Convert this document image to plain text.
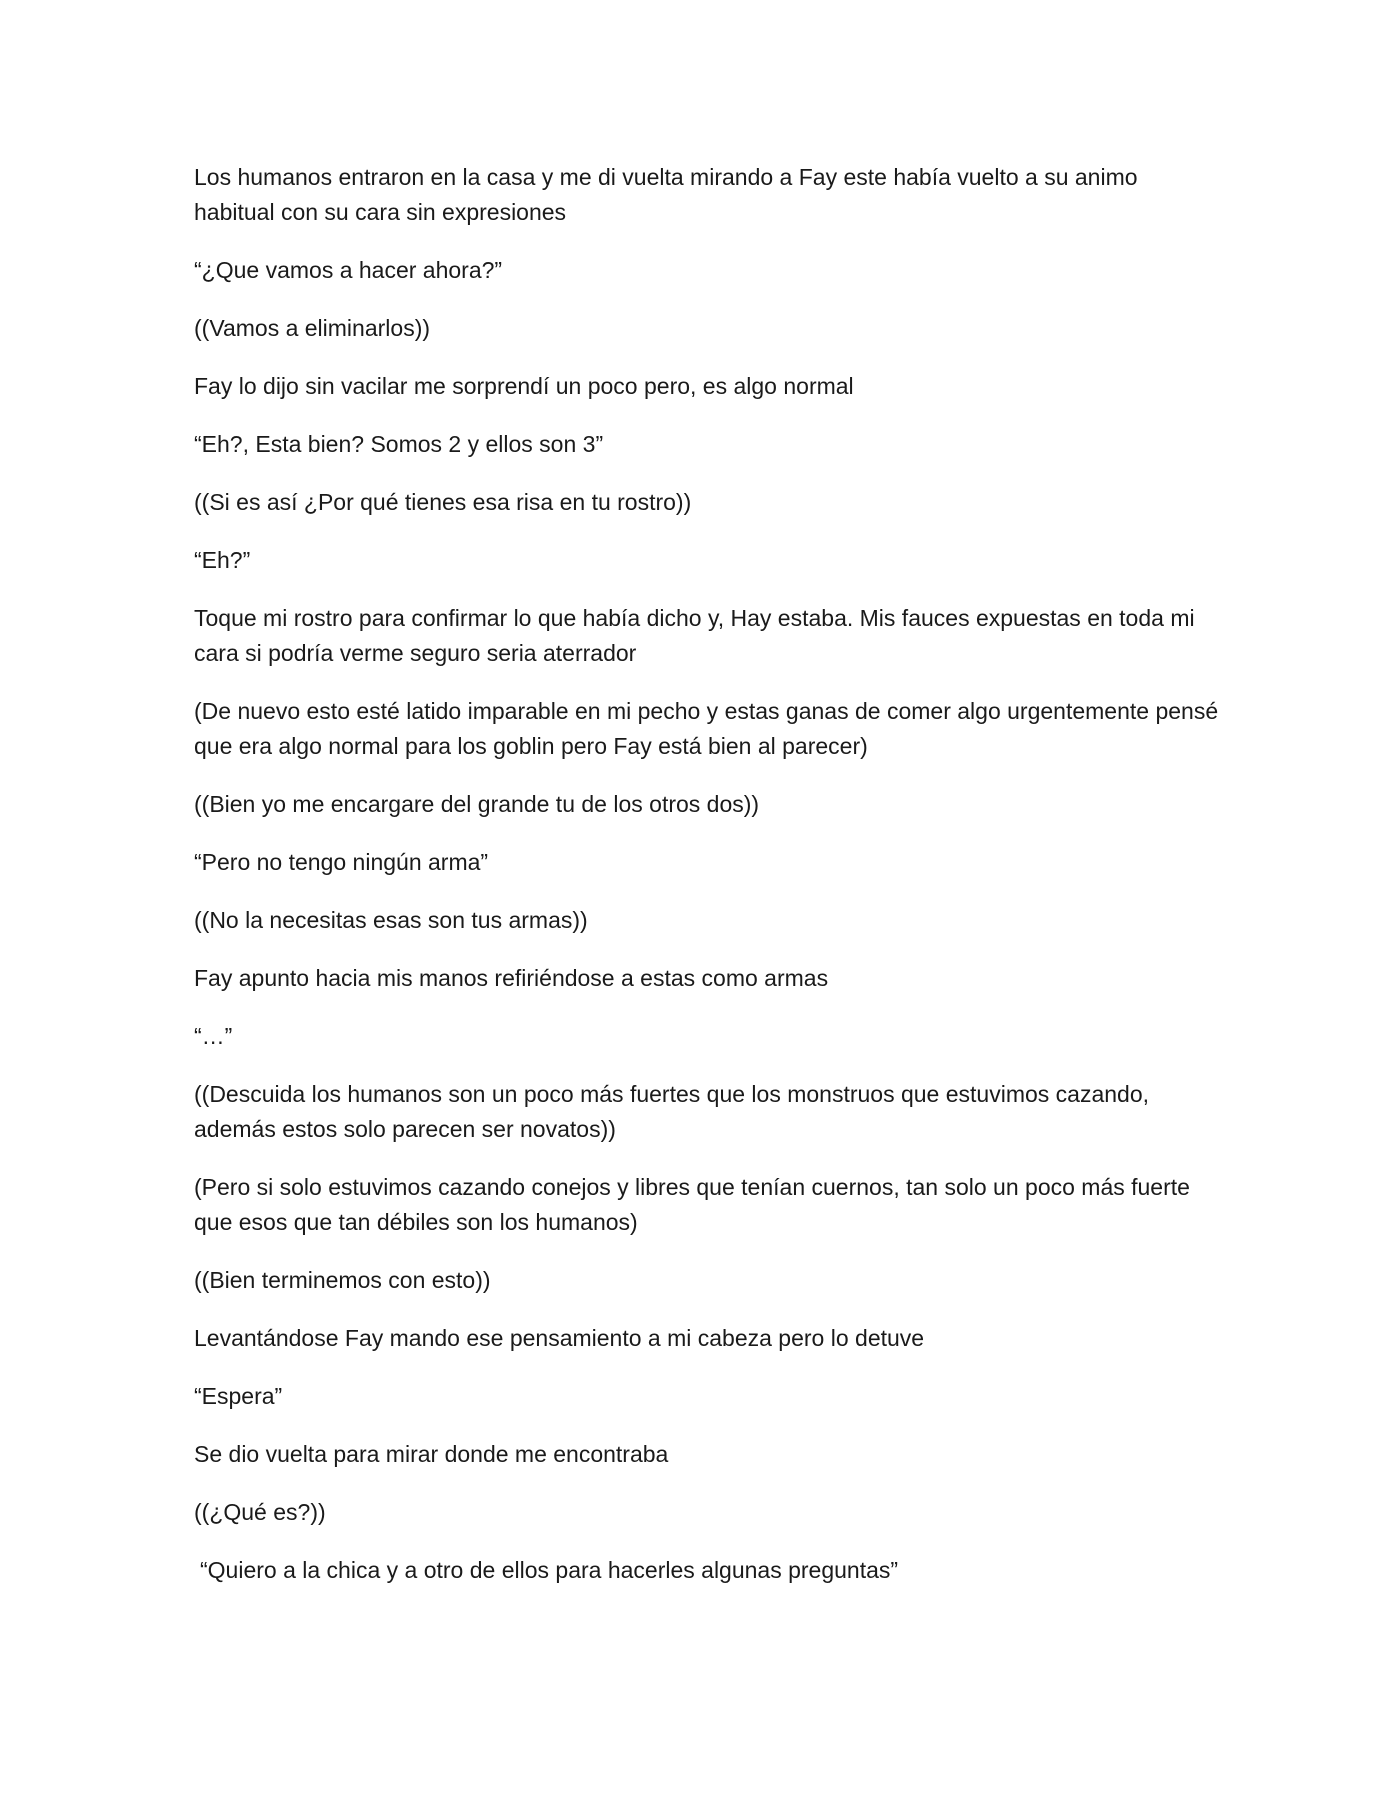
Los humanos entraron en la casa y me di vuelta mirando a Fay este había vuelto a su animo habitual con su cara sin expresiones

“¿Que vamos a hacer ahora?”

((Vamos a eliminarlos))

Fay lo dijo sin vacilar me sorprendí un poco pero, es algo normal

“Eh?, Esta bien? Somos 2 y ellos son 3”

((Si es así ¿Por qué tienes esa risa en tu rostro))

“Eh?”

Toque mi rostro para confirmar lo que había dicho y, Hay estaba. Mis fauces expuestas en toda mi cara si podría verme seguro seria aterrador

(De nuevo esto esté latido imparable en mi pecho y estas ganas de comer algo urgentemente pensé que era algo normal para los goblin pero Fay está bien al parecer)

((Bien yo me encargare del grande tu de los otros dos))

“Pero no tengo ningún arma”

((No la necesitas esas son tus armas))

Fay apunto hacia mis manos refiriéndose a estas como armas

“…”

((Descuida los humanos son un poco más fuertes que los monstruos que estuvimos cazando, además estos solo parecen ser novatos))

(Pero si solo estuvimos cazando conejos y libres que tenían cuernos, tan solo un poco más fuerte que esos que tan débiles son los humanos)

((Bien terminemos con esto))

Levantándose Fay mando ese pensamiento a mi cabeza pero lo detuve

“Espera”

Se dio vuelta para mirar donde me encontraba

((¿Qué es?))

“Quiero a la chica y a otro de ellos para hacerles algunas preguntas”
